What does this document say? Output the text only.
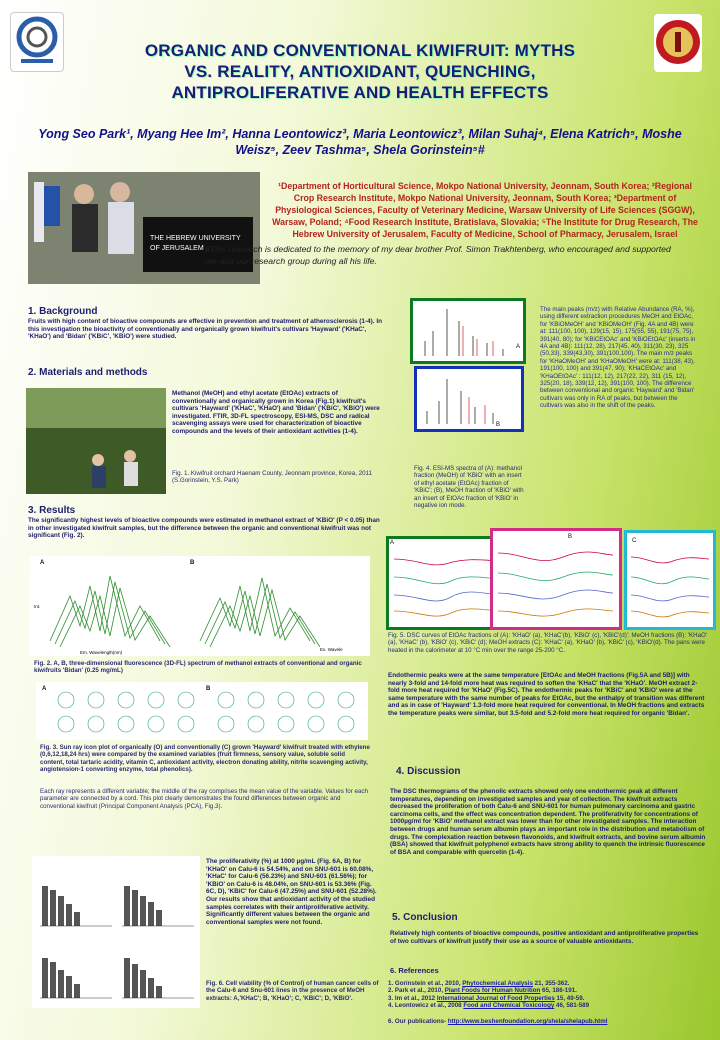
ORGANIC AND CONVENTIONAL KIWIFRUIT: MYTHS
VS. REALITY, ANTIOXIDANT, QUENCHING,
ANTIPROLIFERATIVE AND HEALTH EFFECTS
Yong Seo Park¹, Myang Hee Im², Hanna Leontowicz³, Maria Leontowicz³, Milan Suhaj⁴, Elena Katrich⁵, Moshe Weisz⁵, Zeev Tashma⁵, Shela Gorinstein⁵#
THE HEBREW UNIVERSITY
OF JERUSALEM
¹Department of Horticultural Science, Mokpo National University, Jeonnam, South Korea; ²Regional Crop Research Institute, Mokpo National University, Jeonnam, South Korea; ³Department of Physiological Sciences, Faculty of Veterinary Medicine, Warsaw University of Life Sciences (SGGW), Warsaw, Poland; ⁴Food Research Institute, Bratislava, Slovakia; ⁵The Institute for Drug Research, The Hebrew University of Jerusalem, Faculty of Medicine, School of Pharmacy, Jerusalem, Israel
#This research is dedicated to the memory of my dear brother Prof. Simon Trakhtenberg, who encouraged and supported me and our research group during all his life.
1. Background
Fruits with high content of bioactive compounds are effective in prevention and treatment of atherosclerosis (1-4). In this investigation the bioactivity of conventionally and organically grown kiwifruit's cultivars 'Hayward' ('KHaC', 'KHaO') and 'Bidan' ('KBiC', 'KBiO') were studied.
2. Materials and methods
Methanol (MeOH) and ethyl acetate (EtOAc) extracts of conventionally and organically grown in Korea (Fig.1) kiwifruit's cultivars 'Hayward' ('KHaC', 'KHaO') and 'Bidan' ('KBiC', 'KBiO') were investigated. FTIR, 3D-FL spectroscopy, ESI-MS, DSC and radical scavenging assays were used for characterization of bioactive compounds and the levels of their antioxidant activities (1-4).
Fig. 1. Kiwifruit orchard Haenam County, Jeonnam province, Korea, 2011 (S.Gorinstein, Y.S. Park)
3. Results
The significantly highest levels of bioactive compounds were estimated in methanol extract of 'KBiO' (P < 0.05) than in other investigated kiwifruit samples, but the difference between the organic and conventional kiwifruit was not significant (Fig. 2).
A	B
Int.
Em. Wavelength(nm)
Ex. Wavele
Fig. 2. A, B, three-dimensional fluorescence (3D-FL) spectrum of methanol extracts of conventional and organic kiwifruits 'Bidan' (0.25 mg/mL)
A	B
Fig. 3. Sun ray icon plot of organically (O) and conventionally (C) grown 'Hayward' kiwifruit treated with ethylene (0,6,12,18,24 hrs) were compared by the examined variables (fruit firmness, sensory value, soluble solid content, total tartaric acidity, vitamin C, antioxidant activity, electron donating ability, nitrite scavenging activity, angiotension-1 converting enzyme, total phenolics).
Each ray represents a different variable; the middle of the ray comprises the mean value of the variable. Values for each parameter are connected by a cord. This plot clearly demonstrates the found differences between organic and conventional kiwifruit (Principal Component Analysis (PCA), Fig.3).
The proliferativity (%) at 1000 µg/mL (Fig. 6A, B) for 'KHaO' on Calu-6 is 54.54%, and on SNU-601 is 60.08%, 'KHaC' for Calu-6 (56.23%) and SNU-601 (61.56%); for 'KBiO' on Calu-6 is 48.04%, on SNU-601 is 53.36% (Fig. 6C, D), 'KBiC' for Calu-6 (47.25%) and SNU-601 (52.28%). Our results show that antioxidant activity of the studied samples correlates with their antiproliferative activity. Significantly different values between the organic and conventional samples were not found.
Fig. 6. Cell viability (% of Control) of human cancer cells of the Calu-6 and Snu-601 lines in the presence of MeOH extracts: A,'KHaC'; B, 'KHaO'; C, 'KBiC'; D, 'KBiO'.
A
B
Fig. 4. ESI-MS spectra of (A): methanol fraction (MeOH) of 'KBiO' with an insert of ethyl acetate (EtOAc) fraction of 'KBiC'; (B), MeOH fraction of 'KBiO' with an insert of EtOAc fraction of 'KBiO' in negative ion mode.
The main peaks (m/z) with Relative Abundance (RA, %), using different extraction procedures MeOH and EtOAc, for 'KBiOMeOH' and 'KBiOMeOH' (Fig. 4A and 4B) were at: 111(100, 100), 129(15, 15), 175(55, 55), 191(75, 75), 391(40, 80); for 'KBiCEtOAc' and 'KBiOEtOAc' (inserts in 4A and 4B): 111(12, 28), 217(45, 40), 311(30, 23), 325 (50,33), 339(43,30), 391(100,100). The main m/z peaks for 'KHaOMeOH' and 'KHaOMeOH' were at: 111(38, 43), 191(100, 100) and 391(47, 90); 'KHaCEtOAc' and 'KHaOEtOAc' : 111(12, 12), 217(22, 22), 311 (15, 12), 325(20, 18), 339(12, 12), 391(100, 100). The difference between conventional and organic 'Hayward' and 'Bidan' cultivars was only in RA of peaks, but between the cultivars was also in the shift of the peaks.
A
B
C
Fig. 5. DSC curves of EtOAc fractions of (A): 'KHaO' (a), 'KHaC'(b), 'KBiO' (c), 'KBiC'(d)'; MeOH fractions (B): 'KHaO' (a), 'KHaC' (b), 'KBiO' (c), 'KBiC' (d); MeOH extracts (C): 'KHaC' (a), 'KHaO' (b), 'KBiC' (c), 'KBiO'(d). The pans were heated in the calorimeter at 10 °C min over the range 25-200 °C.
Endothermic peaks were at the same temperature [EtOAc and MeOH fractions (Fig.5A and 5B)] with nearly 3-fold and 14-fold more heat was required to soften the 'KHaC' that the 'KHaO'. MeOH extract 2-fold more heat required for 'KHaO' (Fig.5C). The endothermic peaks for 'KBiC' and 'KBiO' were at the same temperature with the same number of peaks for EtOAc, but the enthalpy of transition was different and as in case of 'Hayward' 1.3-fold more heat required for conventional. In MeOH fractions and extracts the temperature peaks were similar, but 3.5-fold and 5.2-fold more heat required for organic 'Bidan'.
4. Discussion
The DSC thermograms of the phenolic extracts showed only one endothermic peak at different temperatures, depending on investigated samples and year of collection. The kiwifruit extracts decreased the proliferation of both Calu-6 and SNU-601 for human pulmonary carcinoma and gastric carcinoma cells, and the effect was concentration dependent. The proliferativity for concentrations of 1000µg/ml for 'KBiO' methanol extract was lower than for other investigated samples. The interaction between drugs and human serum albumin plays an important role in the distribution and metabolism of drugs. The complexation reaction between flavonoids, and kiwifruit extracts, and bovine serum albumin (BSA) showed that kiwifruit polyphenol extracts have strong ability to quench the intrinsic fluorescence of BSA and comparable with quercetin (1-4).
5. Conclusion
Relatively high contents of bioactive compounds, positive antioxidant and antiproliferative properties of two cultivars of kiwifruit justify their use as a source of valuable antioxidants.
6. References
1. Gorinstein et al., 2010, Phytochemical Analysis 21, 355-362.
2. Park et al., 2010, Plant Foods for Human Nutrition 65, 186-191.
3. Im et al., 2012 International Journal of Food Properties 15, 49-59.
4. Leontowicz et al., 2008 Food and Chemical Toxicology 46, 581-589
6. Our publications- http://www.beshenfoundation.org/shela/shelapub.html
